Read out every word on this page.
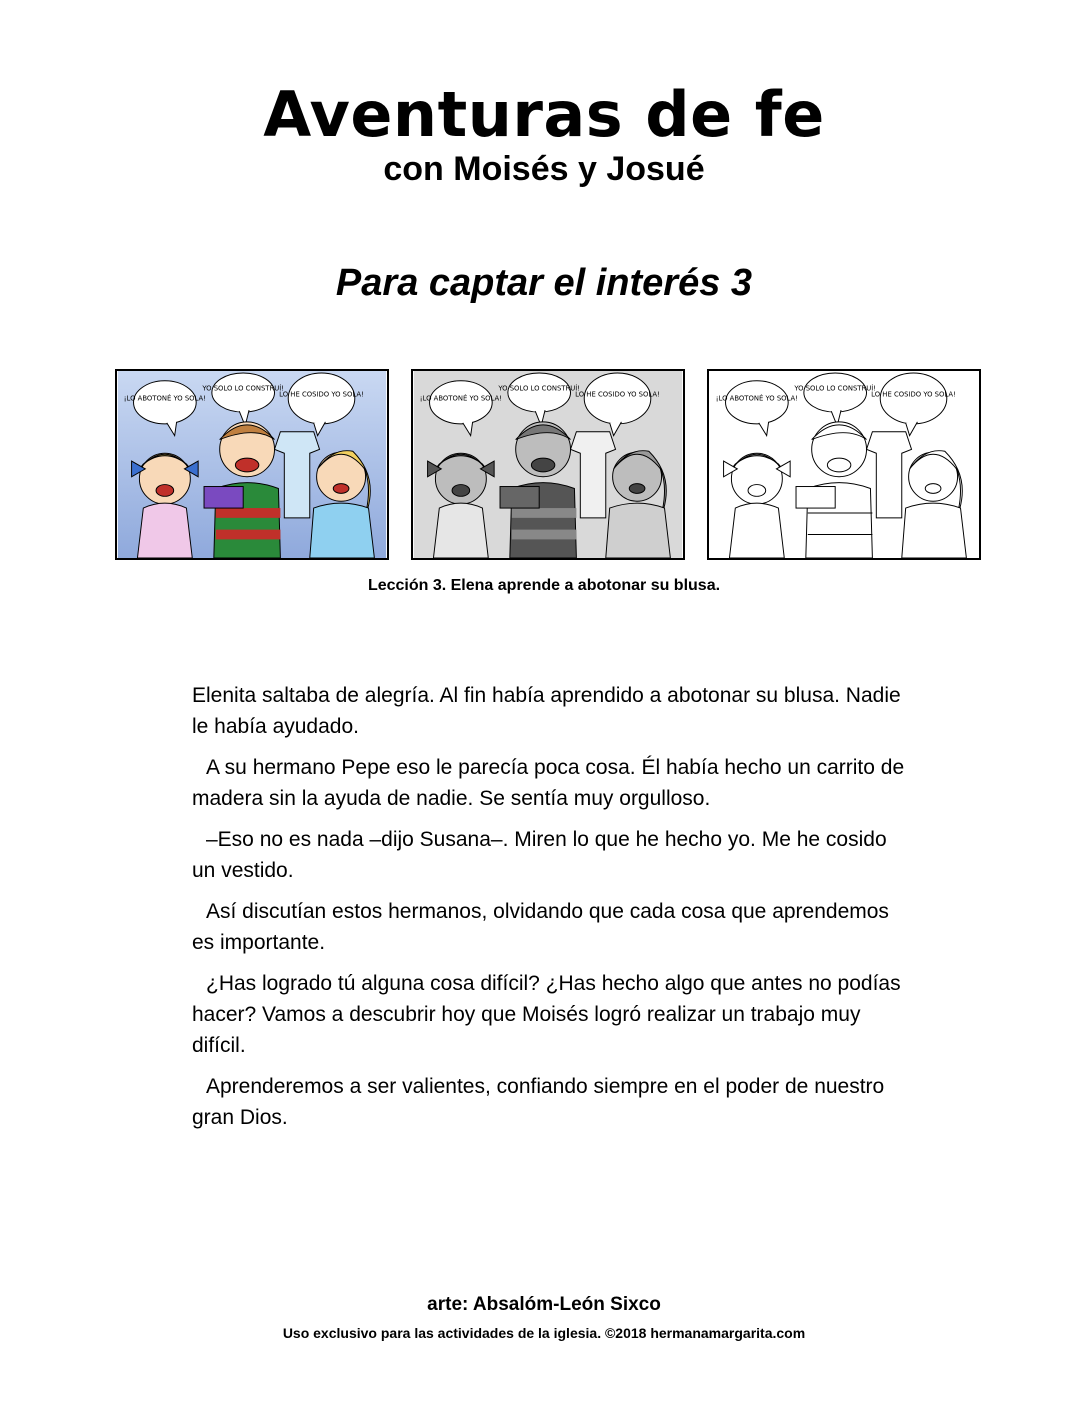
Aventuras de fe
con Moisés y Josué
Para captar el interés 3
¡LO ABOTONÉ YO SOLA!
YO SOLO LO CONSTRUÍ!
LO HE COSIDO YO SOLA!	¡LO ABOTONÉ YO SOLA!
YO SOLO LO CONSTRUÍ!
LO HE COSIDO YO SOLA!	¡LO ABOTONÉ YO SOLA!
YO SOLO LO CONSTRUÍ!
LO HE COSIDO YO SOLA!
Lección 3. Elena aprende a abotonar su blusa.

Elenita saltaba de alegría. Al fin había aprendido a abotonar su blusa. Nadie le había ayudado.

A su hermano Pepe eso le parecía poca cosa. Él había hecho un carrito de madera sin la ayuda de nadie. Se sentía muy orgulloso.

–Eso no es nada –dijo Susana–. Miren lo que he hecho yo. Me he cosido un vestido.

Así discutían estos hermanos, olvidando que cada cosa que aprendemos es importante.

¿Has logrado tú alguna cosa difícil? ¿Has hecho algo que antes no podías hacer? Vamos a descubrir hoy que Moisés logró realizar un trabajo muy difícil.

Aprenderemos a ser valientes, confiando siempre en el poder de nuestro gran Dios.

arte: Absalóm-León Sixco
Uso exclusivo para las actividades de la iglesia. ©2018 hermanamargarita.com
